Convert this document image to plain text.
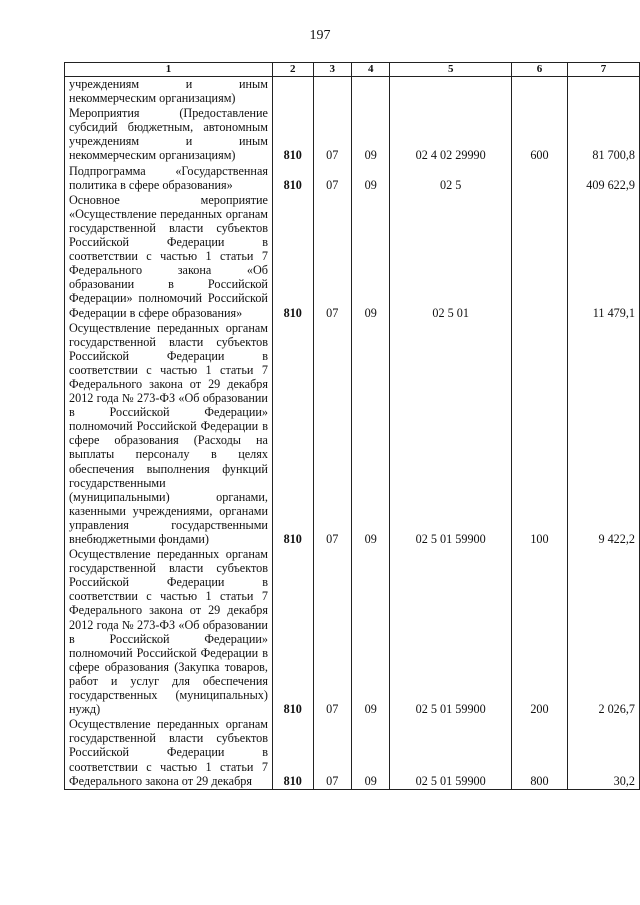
197
1	2	3	4	5	6	7
учреждениям и иным некоммерческим организациям)						
Мероприятия (Предоставление субсидий бюджетным, автономным учреждениям и иным некоммерческим организациям)	810	07	09	02 4 02 29990	600	81 700,8
Подпрограмма «Государственная политика в сфере образования»	810	07	09	02 5		409 622,9
Основное мероприятие «Осуществление переданных органам государственной власти субъектов Российской Федерации в соответствии с частью 1 статьи 7 Федерального закона «Об образовании в Российской Федерации» полномочий Российской Федерации в сфере образования»	810	07	09	02 5 01		11 479,1
Осуществление переданных органам государственной власти субъектов Российской Федерации в соответствии с частью 1 статьи 7 Федерального закона от 29 декабря 2012 года № 273-ФЗ «Об образовании в Российской Федерации» полномочий Российской Федерации в сфере образования (Расходы на выплаты персоналу в целях обеспечения выполнения функций государственными (муниципальными) органами, казенными учреждениями, органами управления государственными внебюджетными фондами)	810	07	09	02 5 01 59900	100	9 422,2
Осуществление переданных органам государственной власти субъектов Российской Федерации в соответствии с частью 1 статьи 7 Федерального закона от 29 декабря 2012 года № 273-ФЗ «Об образовании в Российской Федерации» полномочий Российской Федерации в сфере образования (Закупка товаров, работ и услуг для обеспечения государственных (муниципальных) нужд)	810	07	09	02 5 01 59900	200	2 026,7
Осуществление переданных органам государственной власти субъектов Российской Федерации в соответствии с частью 1 статьи 7 Федерального закона от 29 декабря	810	07	09	02 5 01 59900	800	30,2
